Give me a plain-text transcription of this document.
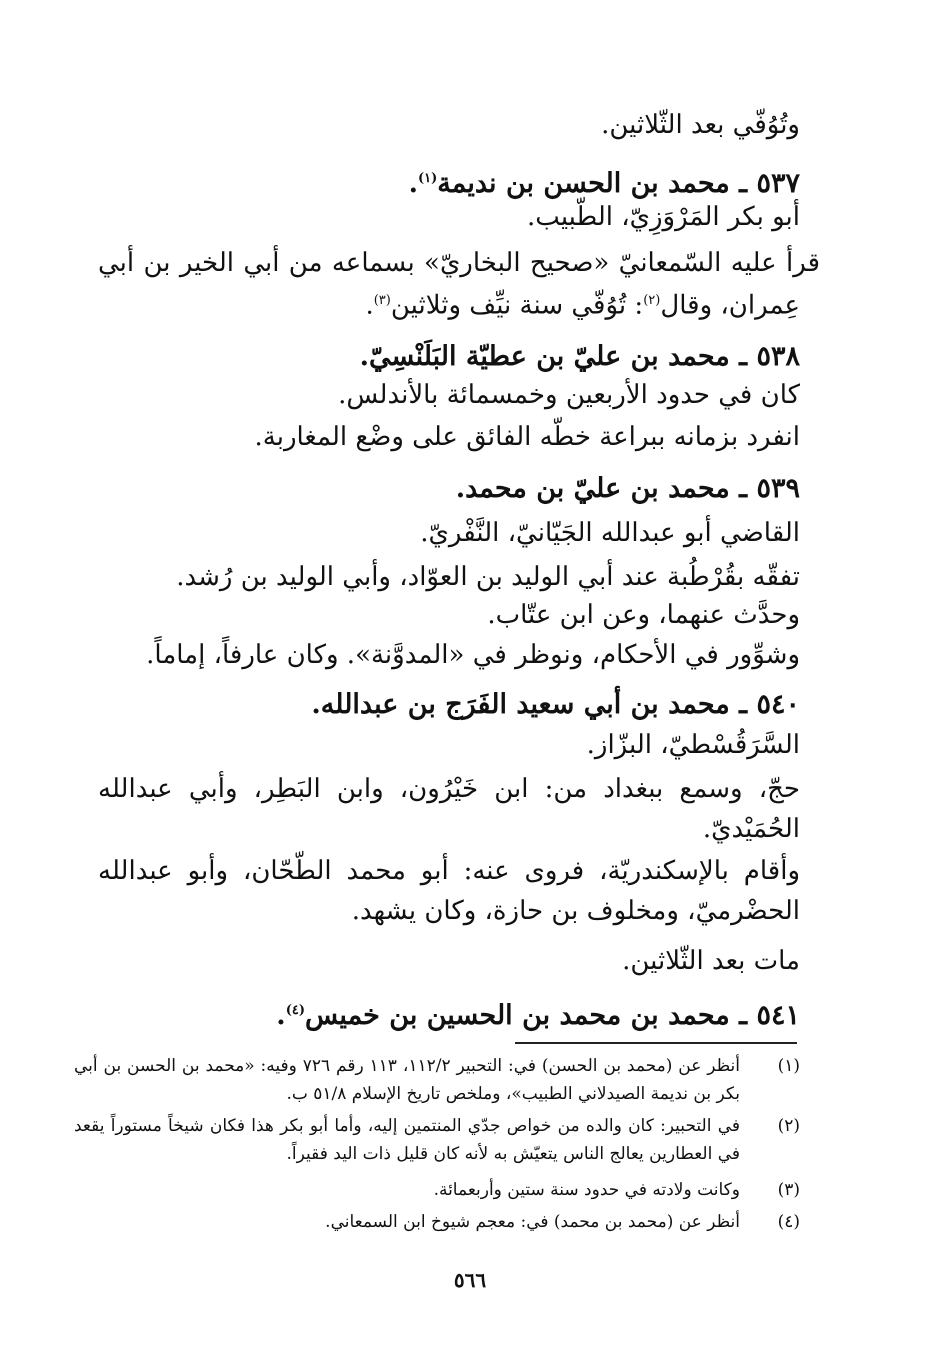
وتُوُفّي بعد الثّلاثين.
٥٣٧ ـ محمد بن الحسن بن نديمة$^{(١)}$.
أبو بكر المَرْوَزِيّ، الطّبيب.
قرأ عليه السّمعانيّ «صحيح البخاريّ» بسماعه من أبي الخير بن أبي
عِمران، وقال$^{(٢)}$: تُوُفّي سنة نيِّف وثلاثين$^{(٣)}$.
٥٣٨ ـ محمد بن عليّ بن عطيّة البَلَنْسِيّ.
كان في حدود الأربعين وخمسمائة بالأندلس.
انفرد بزمانه ببراعة خطّه الفائق على وضْع المغاربة.
٥٣٩ ـ محمد بن عليّ بن محمد.
القاضي أبو عبدالله الجَيّانيّ، النَّفْريّ.
تفقّه بقُرْطُبة عند أبي الوليد بن العوّاد، وأبي الوليد بن رُشد.
وحدَّث عنهما، وعن ابن عتّاب.
وشوِّور في الأحكام، ونوظر في «المدوَّنة». وكان عارفاً، إماماً.
٥٤٠ ـ محمد بن أبي سعيد الفَرَج بن عبدالله.
السَّرَقُسْطيّ، البزّاز.
حجّ، وسمع ببغداد من: ابن خَيْرُون، وابن البَطِر، وأبي عبدالله
الحُمَيْديّ.
وأقام بالإسكندريّة، فروى عنه: أبو محمد الطّحّان، وأبو عبدالله
الحضْرميّ، ومخلوف بن حازة، وكان يشهد.
مات بعد الثّلاثين.
٥٤١ ـ محمد بن محمد بن الحسين بن خميس$^{(٤)}$.
(١)
أنظر عن (محمد بن الحسن) في: التحبير ١١٢/٢، ١١٣ رقم ٧٢٦ وفيه: «محمد بن الحسن بن أبي بكر بن نديمة الصيدلاني الطبيب»، وملخص تاريخ الإسلام ٥١/٨ ب.
(٢)
في التحبير: كان والده من خواص جدّي المنتمين إليه، وأما أبو بكر هذا فكان شيخاً مستوراً يقعد في العطارين يعالج الناس يتعيّش به لأنه كان قليل ذات اليد فقيراً.
(٣)
وكانت ولادته في حدود سنة ستين وأربعمائة.
(٤)
أنظر عن (محمد بن محمد) في: معجم شيوخ ابن السمعاني.
٥٦٦
